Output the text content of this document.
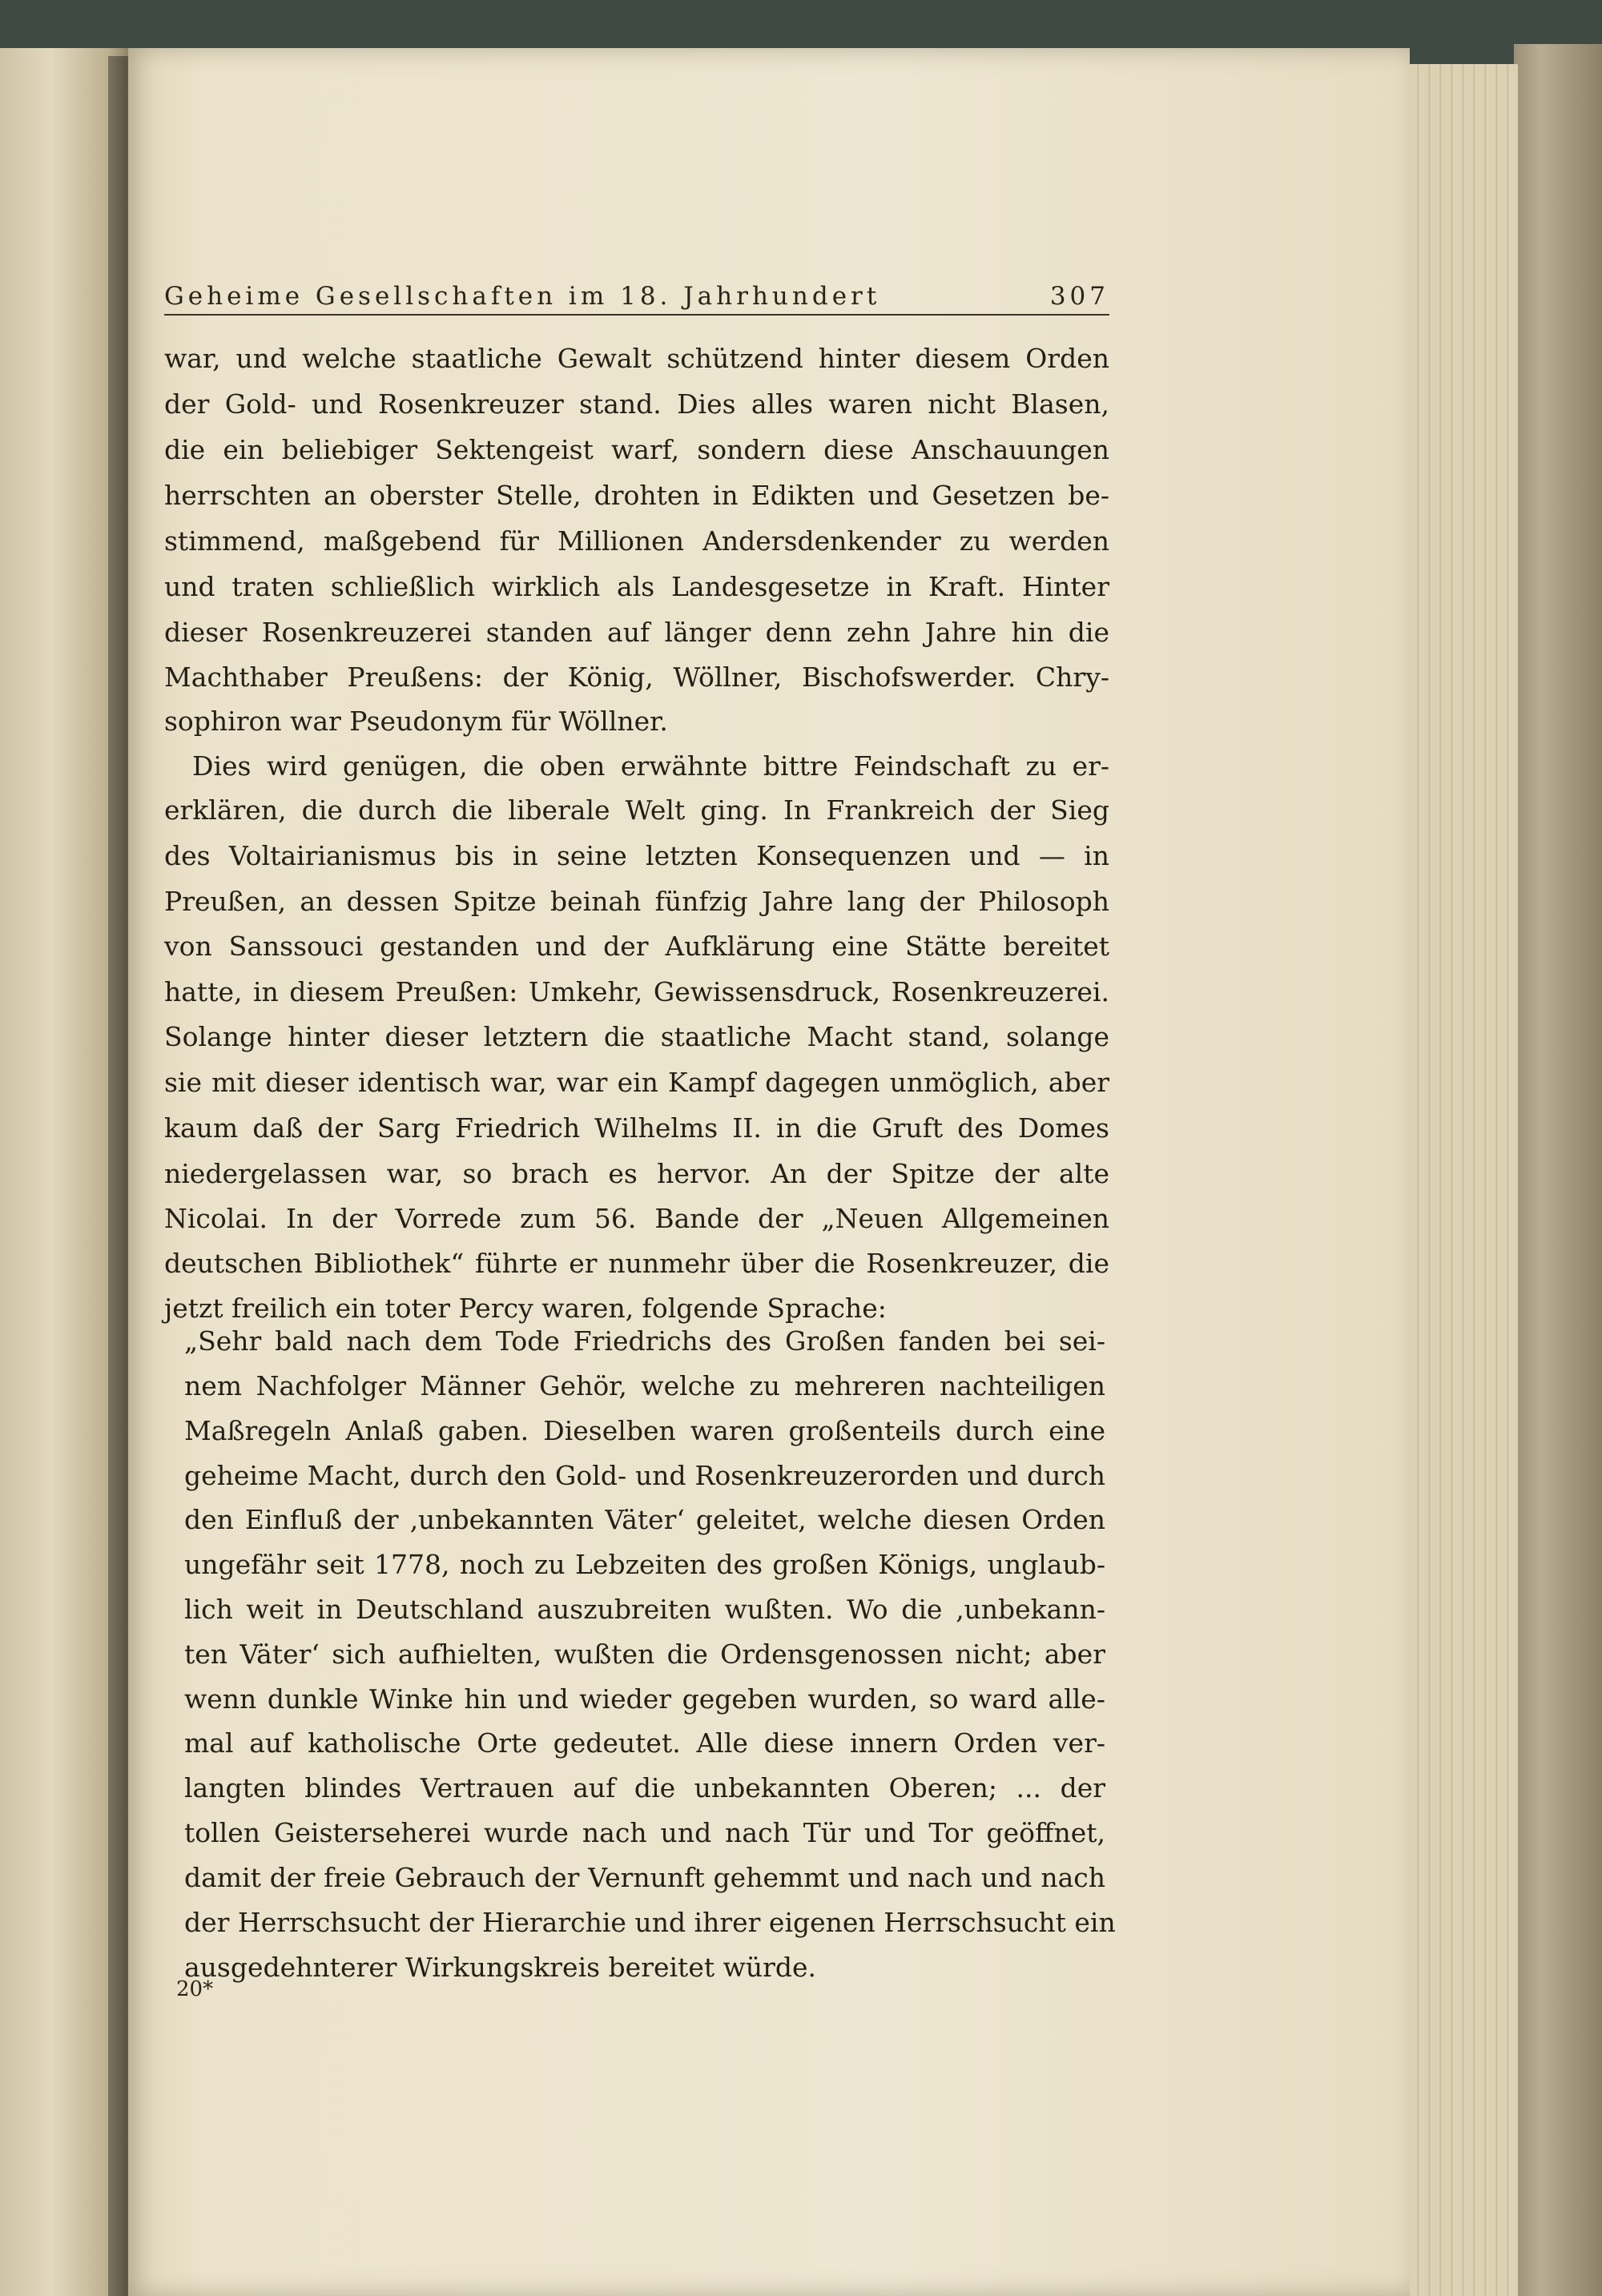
Geheime Gesellschaften im 18. Jahrhundert	307
war, und welche staatliche Gewalt schützend hinter diesem Orden
der Gold- und Rosenkreuzer stand. Dies alles waren nicht Blasen,
die ein beliebiger Sektengeist warf, sondern diese Anschauungen
herrschten an oberster Stelle, drohten in Edikten und Gesetzen be-
stimmend, maßgebend für Millionen Andersdenkender zu werden
und traten schließlich wirklich als Landesgesetze in Kraft. Hinter
dieser Rosenkreuzerei standen auf länger denn zehn Jahre hin die
Machthaber Preußens: der König, Wöllner, Bischofswerder. Chry-
sophiron war Pseudonym für Wöllner.
Dies wird genügen, die oben erwähnte bittre Feindschaft zu er-
erklären, die durch die liberale Welt ging. In Frankreich der Sieg
des Voltairianismus bis in seine letzten Konsequenzen und — in
Preußen, an dessen Spitze beinah fünfzig Jahre lang der Philosoph
von Sanssouci gestanden und der Aufklärung eine Stätte bereitet
hatte, in diesem Preußen: Umkehr, Gewissensdruck, Rosenkreuzerei.
Solange hinter dieser letztern die staatliche Macht stand, solange
sie mit dieser identisch war, war ein Kampf dagegen unmöglich, aber
kaum daß der Sarg Friedrich Wilhelms II. in die Gruft des Domes
niedergelassen war, so brach es hervor. An der Spitze der alte
Nicolai. In der Vorrede zum 56. Bande der „Neuen Allgemeinen
deutschen Bibliothek“ führte er nunmehr über die Rosenkreuzer, die
jetzt freilich ein toter Percy waren, folgende Sprache:
„Sehr bald nach dem Tode Friedrichs des Großen fanden bei sei-
nem Nachfolger Männer Gehör, welche zu mehreren nachteiligen
Maßregeln Anlaß gaben. Dieselben waren großenteils durch eine
geheime Macht, durch den Gold- und Rosenkreuzerorden und durch
den Einfluß der ‚unbekannten Väter‘ geleitet, welche diesen Orden
ungefähr seit 1778, noch zu Lebzeiten des großen Königs, unglaub-
lich weit in Deutschland auszubreiten wußten. Wo die ‚unbekann-
ten Väter‘ sich aufhielten, wußten die Ordensgenossen nicht; aber
wenn dunkle Winke hin und wieder gegeben wurden, so ward alle-
mal auf katholische Orte gedeutet. Alle diese innern Orden ver-
langten blindes Vertrauen auf die unbekannten Oberen; ... der
tollen Geisterseherei wurde nach und nach Tür und Tor geöffnet,
damit der freie Gebrauch der Vernunft gehemmt und nach und nach
der Herrschsucht der Hierarchie und ihrer eigenen Herrschsucht ein
ausgedehnterer Wirkungskreis bereitet würde.
20*
